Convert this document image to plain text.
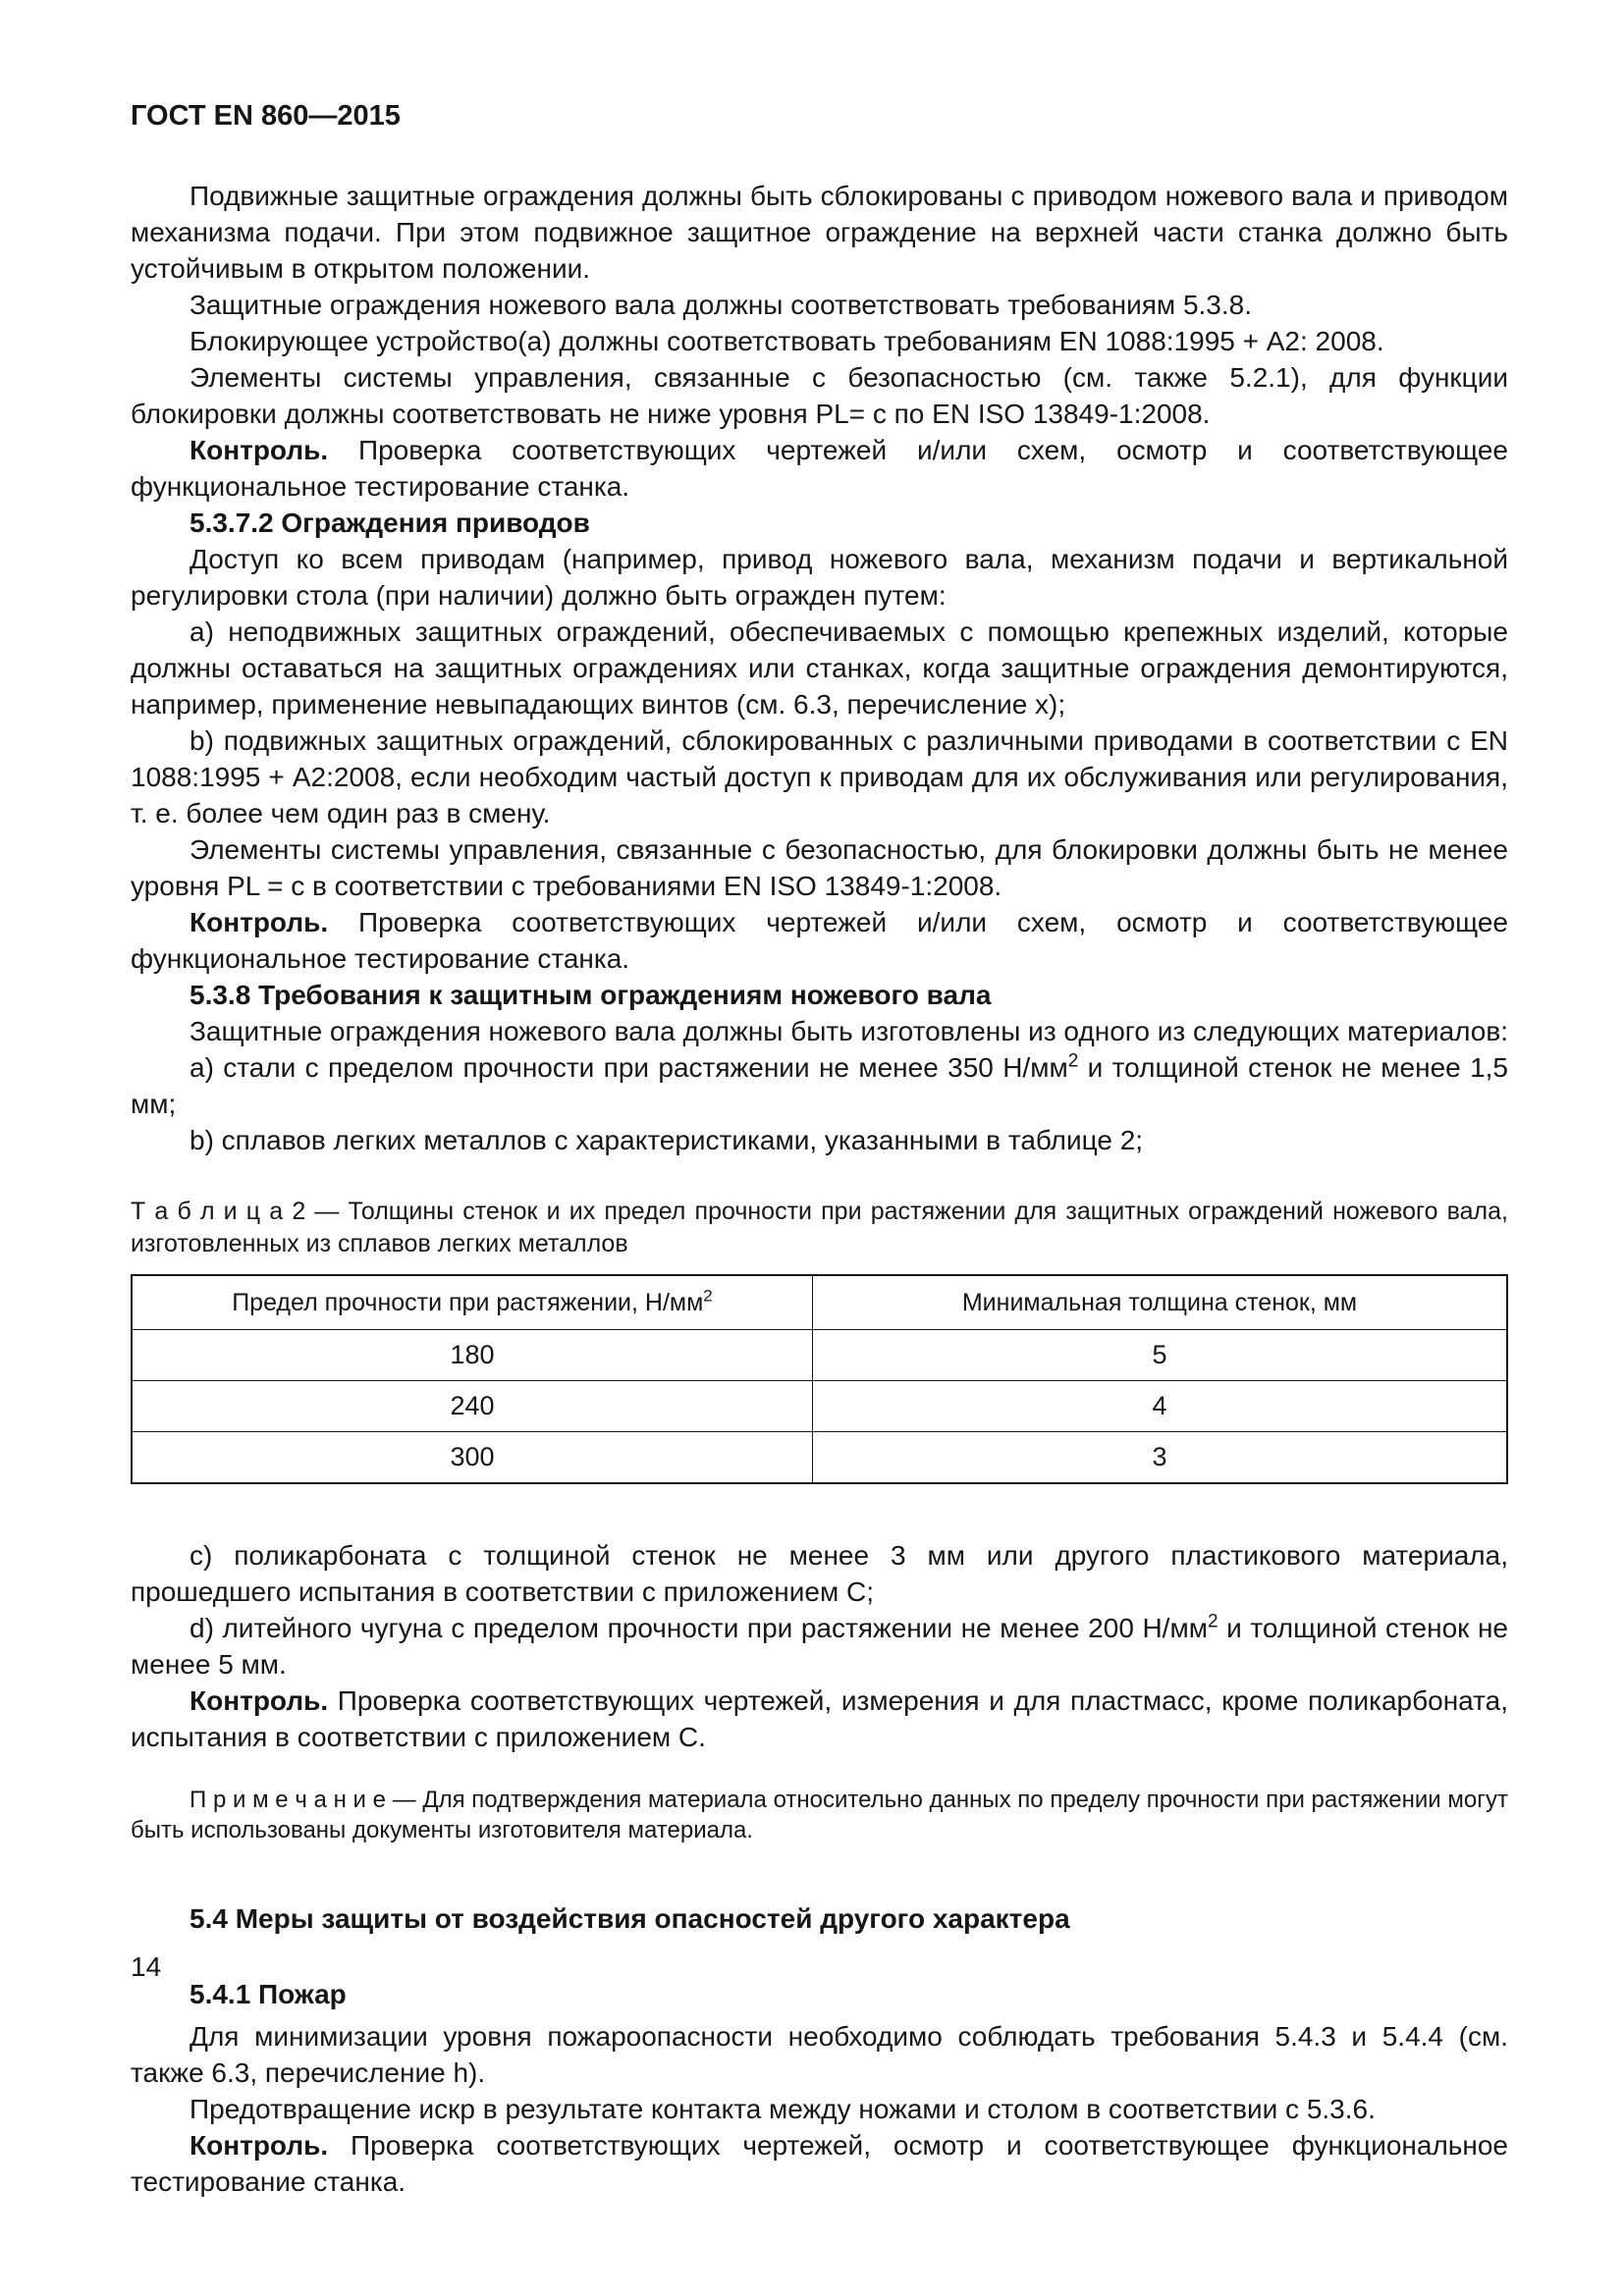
ГОСТ EN 860—2015

Подвижные защитные ограждения должны быть сблокированы с приводом ножевого вала и приводом механизма подачи. При этом подвижное защитное ограждение на верхней части станка должно быть устойчивым в открытом положении.

Защитные ограждения ножевого вала должны соответствовать требованиям 5.3.8.

Блокирующее устройство(а) должны соответствовать требованиям EN 1088:1995 + А2: 2008.

Элементы системы управления, связанные с безопасностью (см. также 5.2.1), для функции блокировки должны соответствовать не ниже уровня PL= с по EN ISO 13849-1:2008.

Контроль. Проверка соответствующих чертежей и/или схем, осмотр и соответствующее функциональное тестирование станка.

5.3.7.2 Ограждения приводов

Доступ ко всем приводам (например, привод ножевого вала, механизм подачи и вертикальной регулировки стола (при наличии) должно быть огражден путем:

a) неподвижных защитных ограждений, обеспечиваемых с помощью крепежных изделий, которые должны оставаться на защитных ограждениях или станках, когда защитные ограждения демонтируются, например, применение невыпадающих винтов (см. 6.3, перечисление x);

b) подвижных защитных ограждений, сблокированных с различными приводами в соответствии с EN 1088:1995 + А2:2008, если необходим частый доступ к приводам для их обслуживания или регулирования, т. е. более чем один раз в смену.

Элементы системы управления, связанные с безопасностью, для блокировки должны быть не менее уровня PL = с в соответствии с требованиями EN ISO 13849-1:2008.

Контроль. Проверка соответствующих чертежей и/или схем, осмотр и соответствующее функциональное тестирование станка.

5.3.8 Требования к защитным ограждениям ножевого вала

Защитные ограждения ножевого вала должны быть изготовлены из одного из следующих материалов:

a) стали с пределом прочности при растяжении не менее 350 $Н/мм^2$ и толщиной стенок не менее 1,5 мм;

b) сплавов легких металлов с характеристиками, указанными в таблице 2;

Т а б л и ц а 2 — Толщины стенок и их предел прочности при растяжении для защитных ограждений ножевого вала, изготовленных из сплавов легких металлов

Предел прочности при растяжении, $Н/мм^2$	Минимальная толщина стенок, мм
180	5
240	4
300	3

c) поликарбоната с толщиной стенок не менее 3 мм или другого пластикового материала, прошедшего испытания в соответствии с приложением С;

d) литейного чугуна с пределом прочности при растяжении не менее 200 $Н/мм^2$ и толщиной стенок не менее 5 мм.

Контроль. Проверка соответствующих чертежей, измерения и для пластмасс, кроме поликарбоната, испытания в соответствии с приложением С.

П р и м е ч а н и е — Для подтверждения материала относительно данных по пределу прочности при растяжении могут быть использованы документы изготовителя материала.

5.4 Меры защиты от воздействия опасностей другого характера

5.4.1 Пожар

Для минимизации уровня пожароопасности необходимо соблюдать требования 5.4.3 и 5.4.4 (см. также 6.3, перечисление h).

Предотвращение искр в результате контакта между ножами и столом в соответствии с 5.3.6.

Контроль. Проверка соответствующих чертежей, осмотр и соответствующее функциональное тестирование станка.

14
